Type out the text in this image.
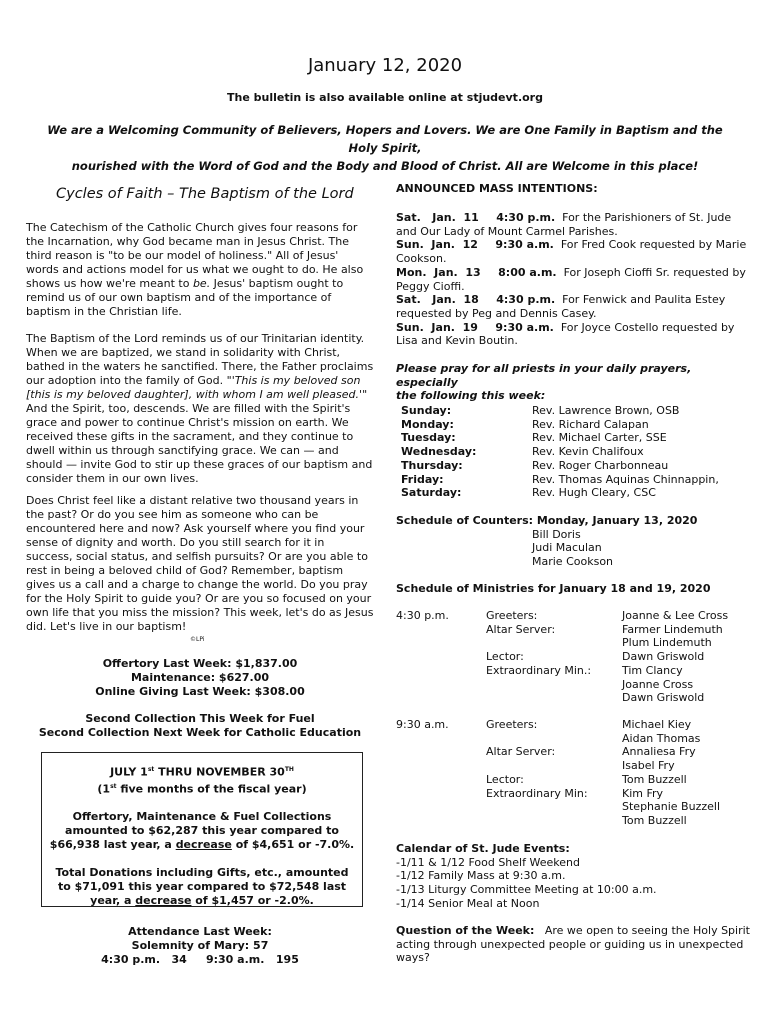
January 12, 2020
The bulletin is also available online at stjudevt.org
We are a Welcoming Community of Believers, Hopers and Lovers. We are One Family in Baptism and the Holy Spirit,
nourished with the Word of God and the Body and Blood of Christ. All are Welcome in this place!
Cycles of Faith – The Baptism of the Lord

The Catechism of the Catholic Church gives four reasons for the Incarnation, why God became man in Jesus Christ. The third reason is "to be our model of holiness." All of Jesus' words and actions model for us what we ought to do. He also shows us how we're meant to be. Jesus' baptism ought to remind us of our own baptism and of the importance of baptism in the Christian life.

The Baptism of the Lord reminds us of our Trinitarian identity. When we are baptized, we stand in solidarity with Christ, bathed in the waters he sanctified. There, the Father proclaims our adoption into the family of God. "'This is my beloved son [this is my beloved daughter], with whom I am well pleased.'" And the Spirit, too, descends. We are filled with the Spirit's grace and power to continue Christ's mission on earth. We received these gifts in the sacrament, and they continue to dwell within us through sanctifying grace. We can — and should — invite God to stir up these graces of our baptism and consider them in our own lives.

Does Christ feel like a distant relative two thousand years in the past? Or do you see him as someone who can be encountered here and now? Ask yourself where you find your sense of dignity and worth. Do you still search for it in success, social status, and selfish pursuits? Or are you able to rest in being a beloved child of God? Remember, baptism gives us a call and a charge to change the world. Do you pray for the Holy Spirit to guide you? Or are you so focused on your own life that you miss the mission? This week, let's do as Jesus did. Let's live in our baptism!

©LPi
Offertory Last Week: $1,837.00
Maintenance: $627.00
Online Giving Last Week: $308.00
Second Collection This Week for Fuel
Second Collection Next Week for Catholic Education
JULY 1st THRU NOVEMBER 30TH
(1st five months of the fiscal year)
Offertory, Maintenance & Fuel Collections
amounted to $62,287 this year compared to
$66,938 last year, a decrease of $4,651 or -7.0%.
Total Donations including Gifts, etc., amounted
to $71,091 this year compared to $72,548 last
year, a decrease of $1,457 or -2.0%.
Attendance Last Week:
Solemnity of Mary: 57
4:30 p.m.   34     9:30 a.m.   195
ANNOUNCED MASS INTENTIONS:
Sat.   Jan.  11 4:30 p.m. For the Parishioners of St. Jude
and Our Lady of Mount Carmel Parishes.
Sun.  Jan.  12 9:30 a.m. For Fred Cook requested by Marie
Cookson.
Mon.  Jan.  13 8:00 a.m. For Joseph Cioffi Sr. requested by
Peggy Cioffi.
Sat.   Jan.  18 4:30 p.m. For Fenwick and Paulita Estey
requested by Peg and Dennis Casey.
Sun.  Jan.  19 9:30 a.m. For Joyce Costello requested by
Lisa and Kevin Boutin.
Please pray for all priests in your daily prayers, especially
the following this week:
Sunday:	Rev. Lawrence Brown, OSB
Monday:	Rev. Richard Calapan
Tuesday:	Rev. Michael Carter, SSE
Wednesday:	Rev. Kevin Chalifoux
Thursday:	Rev. Roger Charbonneau
Friday:	Rev. Thomas Aquinas Chinnappin,
Saturday:	Rev. Hugh Cleary, CSC
Schedule of Counters: Monday, January 13, 2020
Bill Doris
Judi Maculan
Marie Cookson
Schedule of Ministries for January 18 and 19, 2020
4:30 p.m.	Greeters:	Joanne & Lee Cross
Altar Server:	Farmer Lindemuth
Plum Lindemuth
Lector:	Dawn Griswold
Extraordinary Min.:	Tim Clancy
Joanne Cross
Dawn Griswold
9:30 a.m.	Greeters:	Michael Kiey
Aidan Thomas
Altar Server:	Annaliesa Fry
Isabel Fry
Lector:	Tom Buzzell
Extraordinary Min:	Kim Fry
Stephanie Buzzell
Tom Buzzell
Calendar of St. Jude Events:
-1/11 & 1/12 Food Shelf Weekend
-1/12 Family Mass at 9:30 a.m.
-1/13 Liturgy Committee Meeting at 10:00 a.m.
-1/14 Senior Meal at Noon
Question of the Week:   Are we open to seeing the Holy Spirit acting through unexpected people or guiding us in unexpected ways?
